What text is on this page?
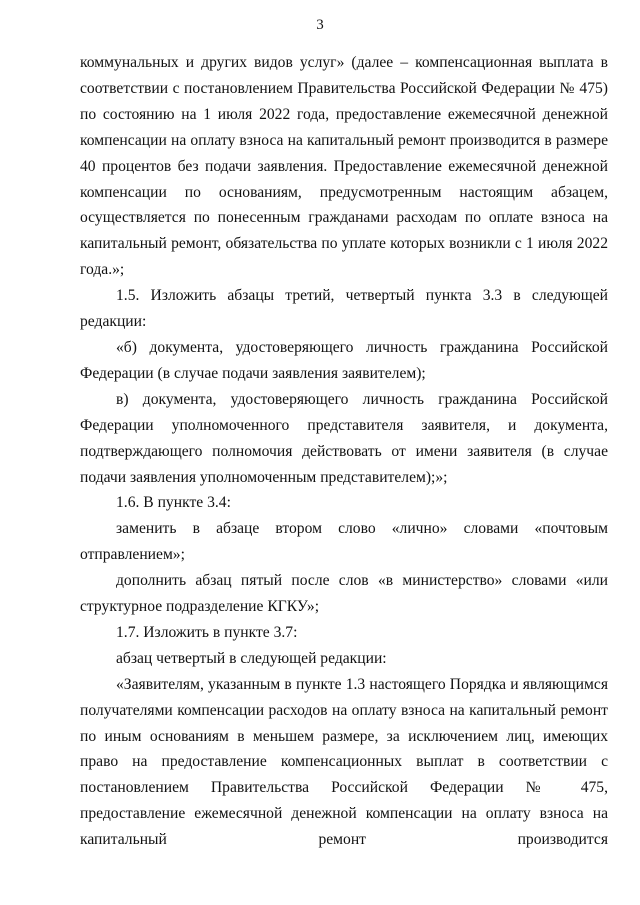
3

коммунальных и других видов услуг» (далее – компенсационная выплата в соответствии с постановлением Правительства Российской Федерации № 475) по состоянию на 1 июля 2022 года, предоставление ежемесячной денежной компенсации на оплату взноса на капитальный ремонт производится в размере 40 процентов без подачи заявления. Предоставление ежемесячной денежной компенсации по основаниям, предусмотренным настоящим абзацем, осуществляется по понесенным гражданами расходам по оплате взноса на капитальный ремонт, обязательства по уплате которых возникли с 1 июля 2022 года.»;

1.5. Изложить абзацы третий, четвертый пункта 3.3 в следующей редакции:

«б) документа, удостоверяющего личность гражданина Российской Федерации (в случае подачи заявления заявителем);

в) документа, удостоверяющего личность гражданина Российской Федерации уполномоченного представителя заявителя, и документа, подтверждающего полномочия действовать от имени заявителя (в случае подачи заявления уполномоченным представителем);»;

1.6. В пункте 3.4:

заменить в абзаце втором слово «лично» словами «почтовым отправлением»;

дополнить абзац пятый после слов «в министерство» словами «или структурное подразделение КГКУ»;

1.7. Изложить в пункте 3.7:

абзац четвертый в следующей редакции:

«Заявителям, указанным в пункте 1.3 настоящего Порядка и являющимся получателями компенсации расходов на оплату взноса на капитальный ремонт по иным основаниям в меньшем размере, за исключением лиц, имеющих право на предоставление компенсационных выплат в соответствии с постановлением Правительства Российской Федерации № 475, предоставление ежемесячной денежной компенсации на оплату взноса на капитальный ремонт производится
